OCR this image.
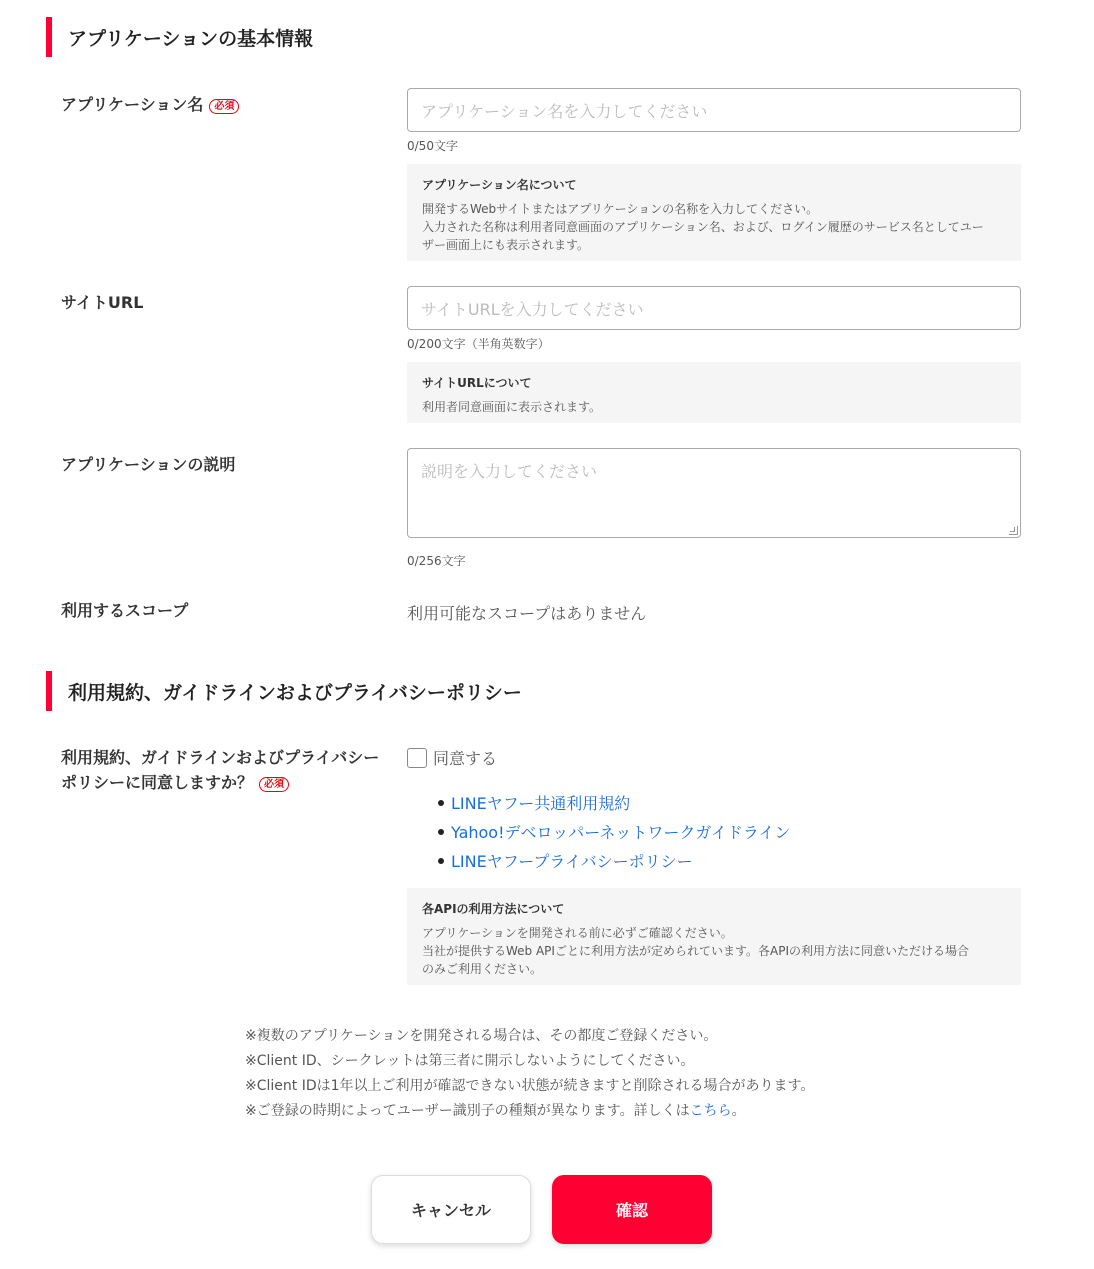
アプリケーションの基本情報
アプリケーション名 必須	アプリケーション名を入力してください
0/50文字
アプリケーション名について
開発するWebサイトまたはアプリケーションの名称を入力してください。
入力された名称は利用者同意画面のアプリケーション名、および、ログイン履歴のサービス名としてユー
ザー画面上にも表示されます。
サイトURL	サイトURLを入力してください
0/200文字（半角英数字）
サイトURLについて
利用者同意画面に表示されます。
アプリケーションの説明	説明を入力してください
0/256文字
利用するスコープ	利用可能なスコープはありません
利用規約、ガイドラインおよびプライバシーポリシー
利用規約、ガイドラインおよびプライバシー
ポリシーに同意しますか？ 必須
同意する
LINEヤフー共通利用規約
Yahoo!デベロッパーネットワークガイドライン
LINEヤフープライバシーポリシー
各APIの利用方法について
アプリケーションを開発される前に必ずご確認ください。
当社が提供するWeb APIごとに利用方法が定められています。各APIの利用方法に同意いただける場合
のみご利用ください。
※複数のアプリケーションを開発される場合は、その都度ご登録ください。
※Client ID、シークレットは第三者に開示しないようにしてください。
※Client IDは1年以上ご利用が確認できない状態が続きますと削除される場合があります。
※ご登録の時期によってユーザー識別子の種類が異なります。詳しくはこちら。
キャンセル	確認
